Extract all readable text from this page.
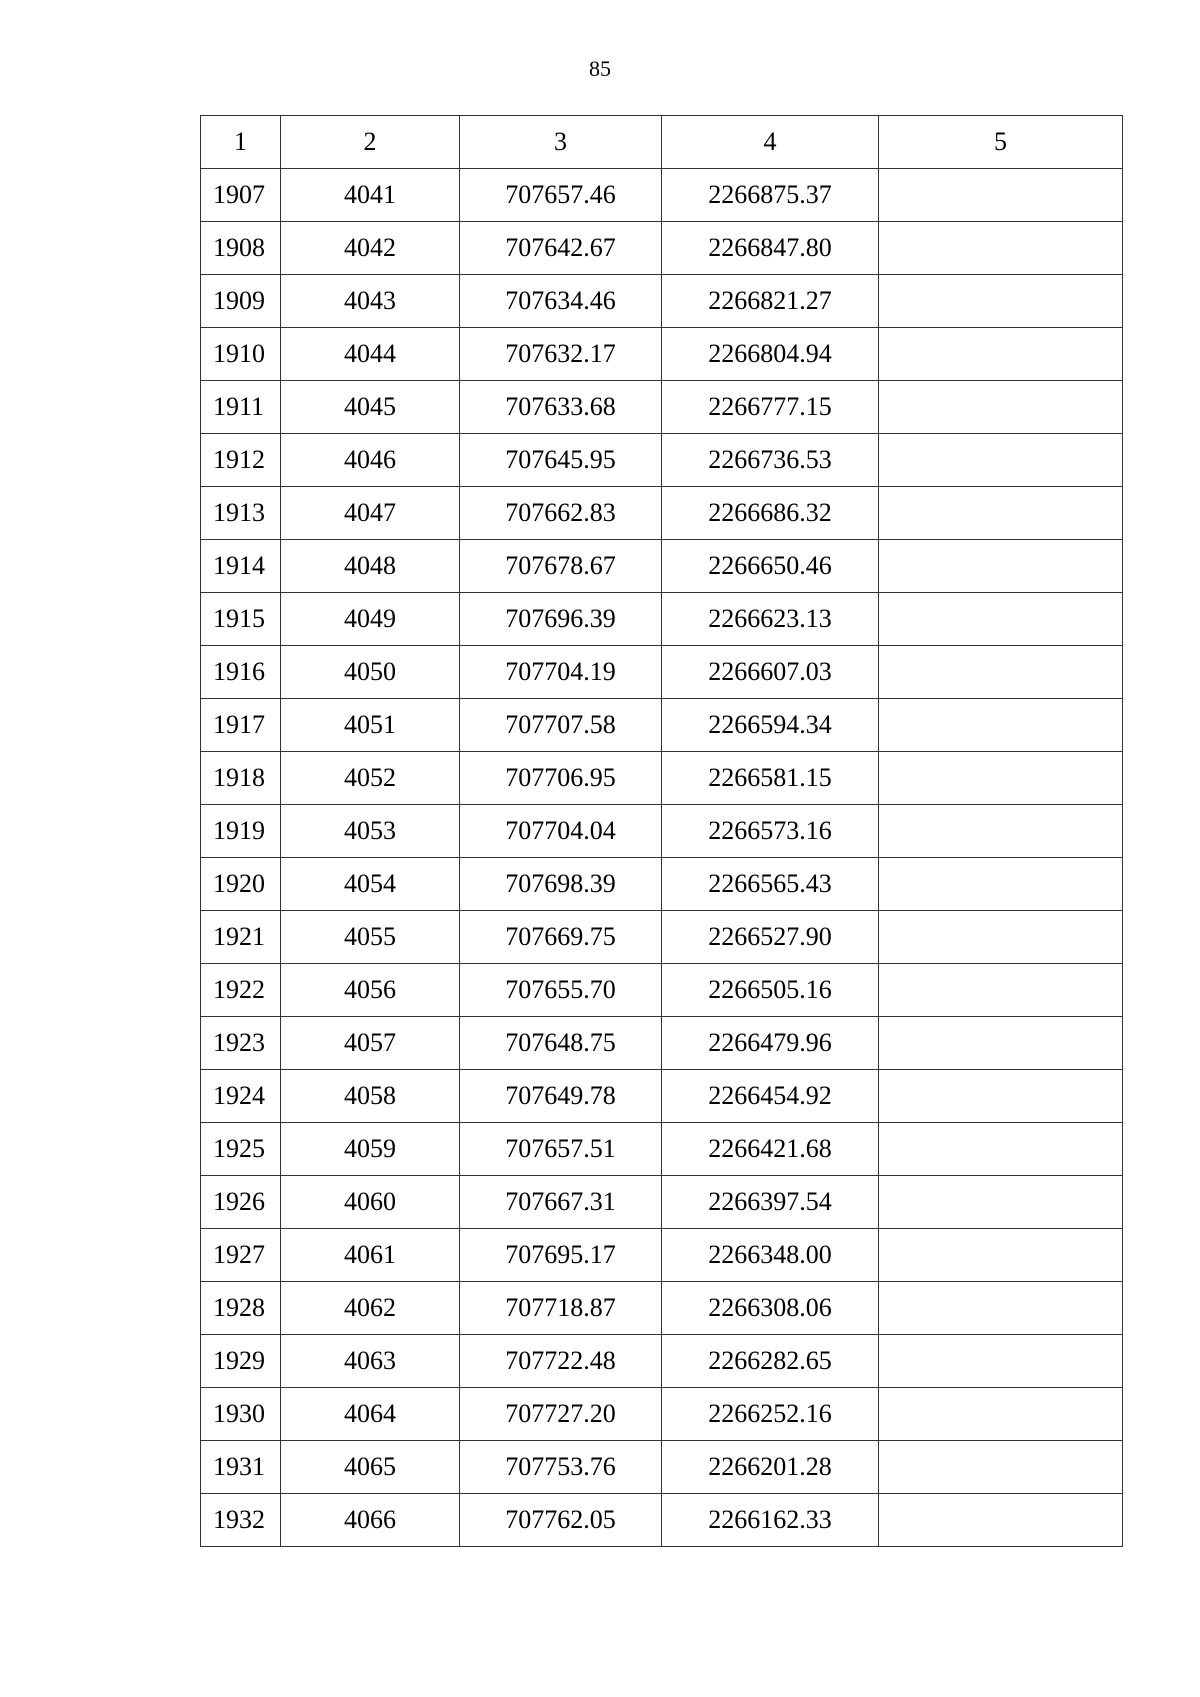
85
1	2	3	4	5
1907	4041	707657.46	2266875.37	
1908	4042	707642.67	2266847.80	
1909	4043	707634.46	2266821.27	
1910	4044	707632.17	2266804.94	
1911	4045	707633.68	2266777.15	
1912	4046	707645.95	2266736.53	
1913	4047	707662.83	2266686.32	
1914	4048	707678.67	2266650.46	
1915	4049	707696.39	2266623.13	
1916	4050	707704.19	2266607.03	
1917	4051	707707.58	2266594.34	
1918	4052	707706.95	2266581.15	
1919	4053	707704.04	2266573.16	
1920	4054	707698.39	2266565.43	
1921	4055	707669.75	2266527.90	
1922	4056	707655.70	2266505.16	
1923	4057	707648.75	2266479.96	
1924	4058	707649.78	2266454.92	
1925	4059	707657.51	2266421.68	
1926	4060	707667.31	2266397.54	
1927	4061	707695.17	2266348.00	
1928	4062	707718.87	2266308.06	
1929	4063	707722.48	2266282.65	
1930	4064	707727.20	2266252.16	
1931	4065	707753.76	2266201.28	
1932	4066	707762.05	2266162.33	
